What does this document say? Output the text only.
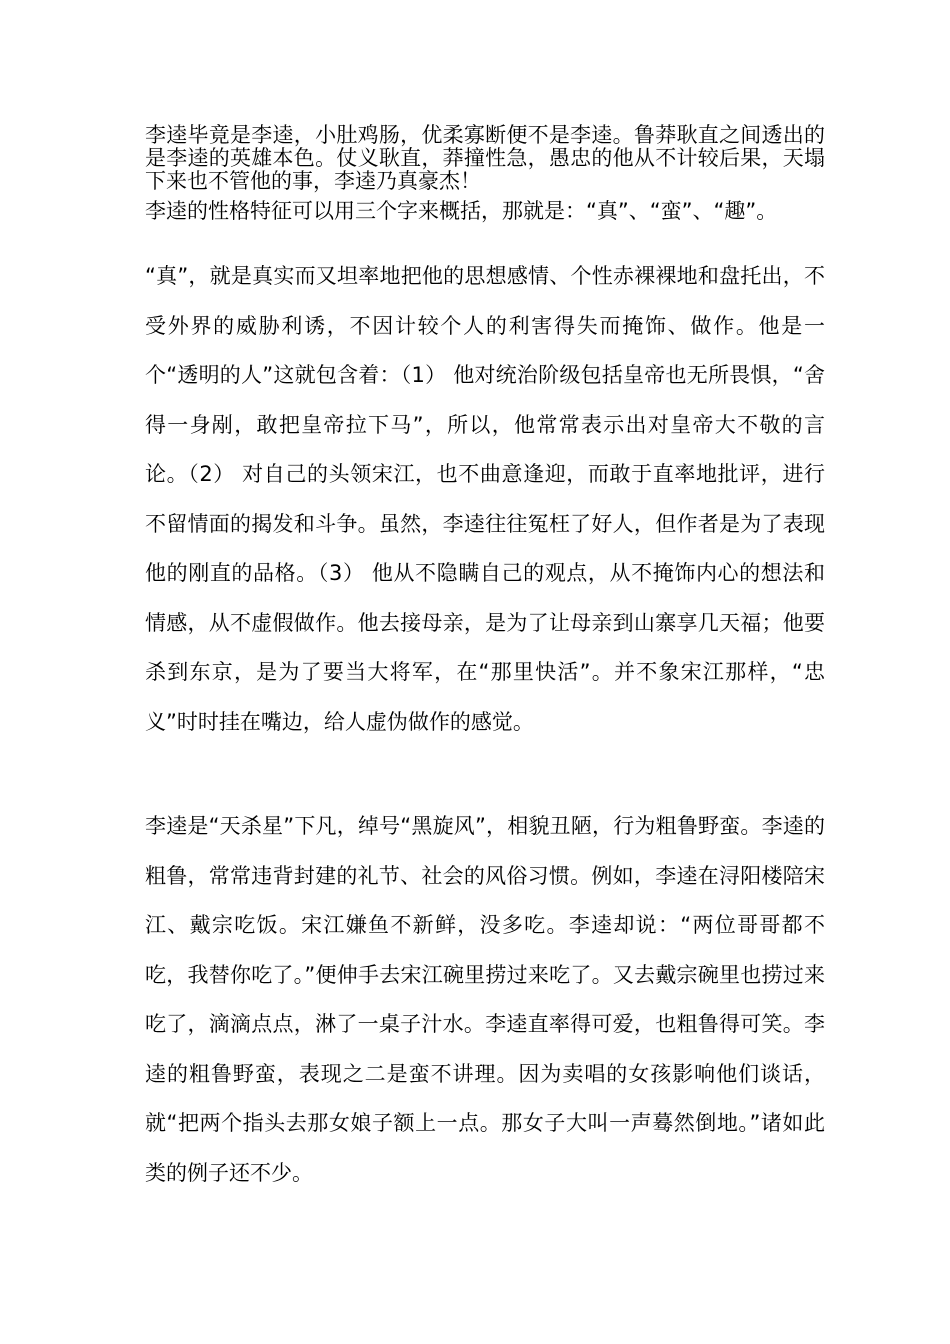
李逵毕竟是李逵，小肚鸡肠，优柔寡断便不是李逵。鲁莽耿直之间透出的是李逵的英雄本色。仗义耿直，莽撞性急，愚忠的他从不计较后果，天塌下来也不管他的事，李逵乃真豪杰！

李逵的性格特征可以用三个字来概括，那就是：“真”、“蛮”、“趣”。

“真”，就是真实而又坦率地把他的思想感情、个性赤裸裸地和盘托出，不受外界的威胁利诱，不因计较个人的利害得失而掩饰、做作。他是一个“透明的人”这就包含着：（1） 他对统治阶级包括皇帝也无所畏惧，“舍得一身剐，敢把皇帝拉下马”，所以，他常常表示出对皇帝大不敬的言论。（2） 对自己的头领宋江，也不曲意逢迎，而敢于直率地批评，进行不留情面的揭发和斗争。虽然，李逵往往冤枉了好人，但作者是为了表现他的刚直的品格。（3） 他从不隐瞒自己的观点，从不掩饰内心的想法和情感，从不虚假做作。他去接母亲，是为了让母亲到山寨享几天福；他要杀到东京，是为了要当大将军，在“那里快活”。并不象宋江那样，“忠义”时时挂在嘴边，给人虚伪做作的感觉。

李逵是“天杀星”下凡，绰号“黑旋风”，相貌丑陋，行为粗鲁野蛮。李逵的粗鲁，常常违背封建的礼节、社会的风俗习惯。例如，李逵在浔阳楼陪宋江、戴宗吃饭。宋江嫌鱼不新鲜，没多吃。李逵却说：“两位哥哥都不吃，我替你吃了。”便伸手去宋江碗里捞过来吃了。又去戴宗碗里也捞过来吃了，滴滴点点，淋了一桌子汁水。李逵直率得可爱，也粗鲁得可笑。李逵的粗鲁野蛮，表现之二是蛮不讲理。因为卖唱的女孩影响他们谈话，就“把两个指头去那女娘子额上一点。那女子大叫一声蓦然倒地。”诸如此类的例子还不少。
